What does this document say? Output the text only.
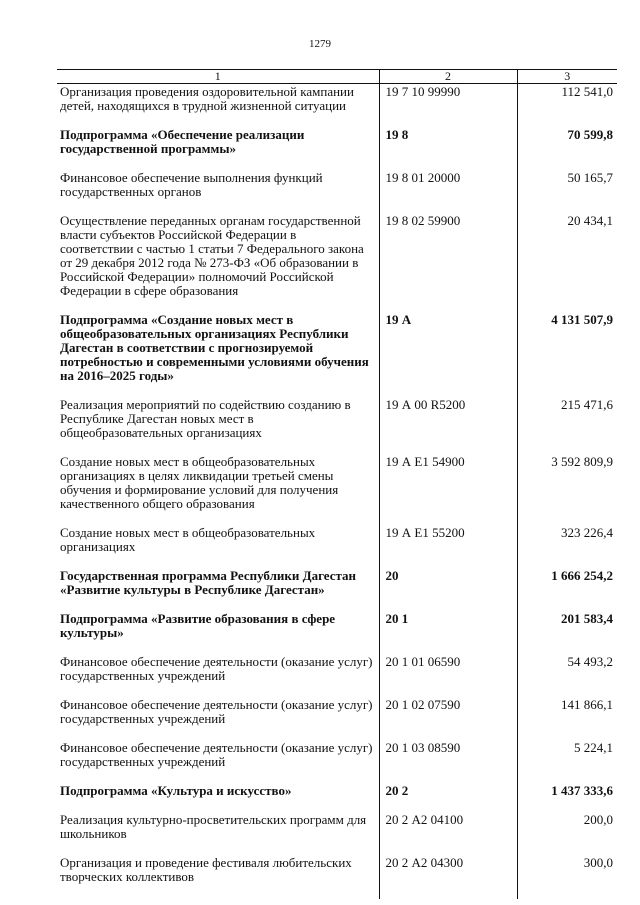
1279
1	2	3
Организация проведения оздоровительной кампании детей, находящихся в трудной жизненной ситуации	19 7 10 99990	112 541,0
Подпрограмма «Обеспечение реализации государственной программы»	19 8	70 599,8
Финансовое обеспечение выполнения функций государственных органов	19 8 01 20000	50 165,7
Осуществление переданных органам государственной власти субъектов Российской Федерации в соответствии с частью 1 статьи 7 Федерального закона от 29 декабря 2012 года № 273-ФЗ «Об образовании в Российской Федерации» полномочий Российской Федерации в сфере образования	19 8 02 59900	20 434,1
Подпрограмма «Создание новых мест в общеобразовательных организациях Республики Дагестан в соответствии с прогнозируемой потребностью и современными условиями обучения на 2016–2025 годы»	19 А	4 131 507,9
Реализация мероприятий по содействию созданию в Республике Дагестан новых мест в общеобразовательных организациях	19 А 00 R5200	215 471,6
Создание новых мест в общеобразовательных организациях в целях ликвидации третьей смены обучения и формирование условий для получения качественного общего образования	19 А Е1 54900	3 592 809,9
Создание новых мест в общеобразовательных организациях	19 А Е1 55200	323 226,4
Государственная программа Республики Дагестан «Развитие культуры в Республике Дагестан»	20	1 666 254,2
Подпрограмма «Развитие образования в сфере культуры»	20 1	201 583,4
Финансовое обеспечение деятельности (оказание услуг) государственных учреждений	20 1 01 06590	54 493,2
Финансовое обеспечение деятельности (оказание услуг) государственных учреждений	20 1 02 07590	141 866,1
Финансовое обеспечение деятельности (оказание услуг) государственных учреждений	20 1 03 08590	5 224,1
Подпрограмма «Культура и искусство»	20 2	1 437 333,6
Реализация культурно-просветительских программ для школьников	20 2 А2 04100	200,0
Организация и проведение фестиваля любительских творческих коллективов	20 2 А2 04300	300,0
